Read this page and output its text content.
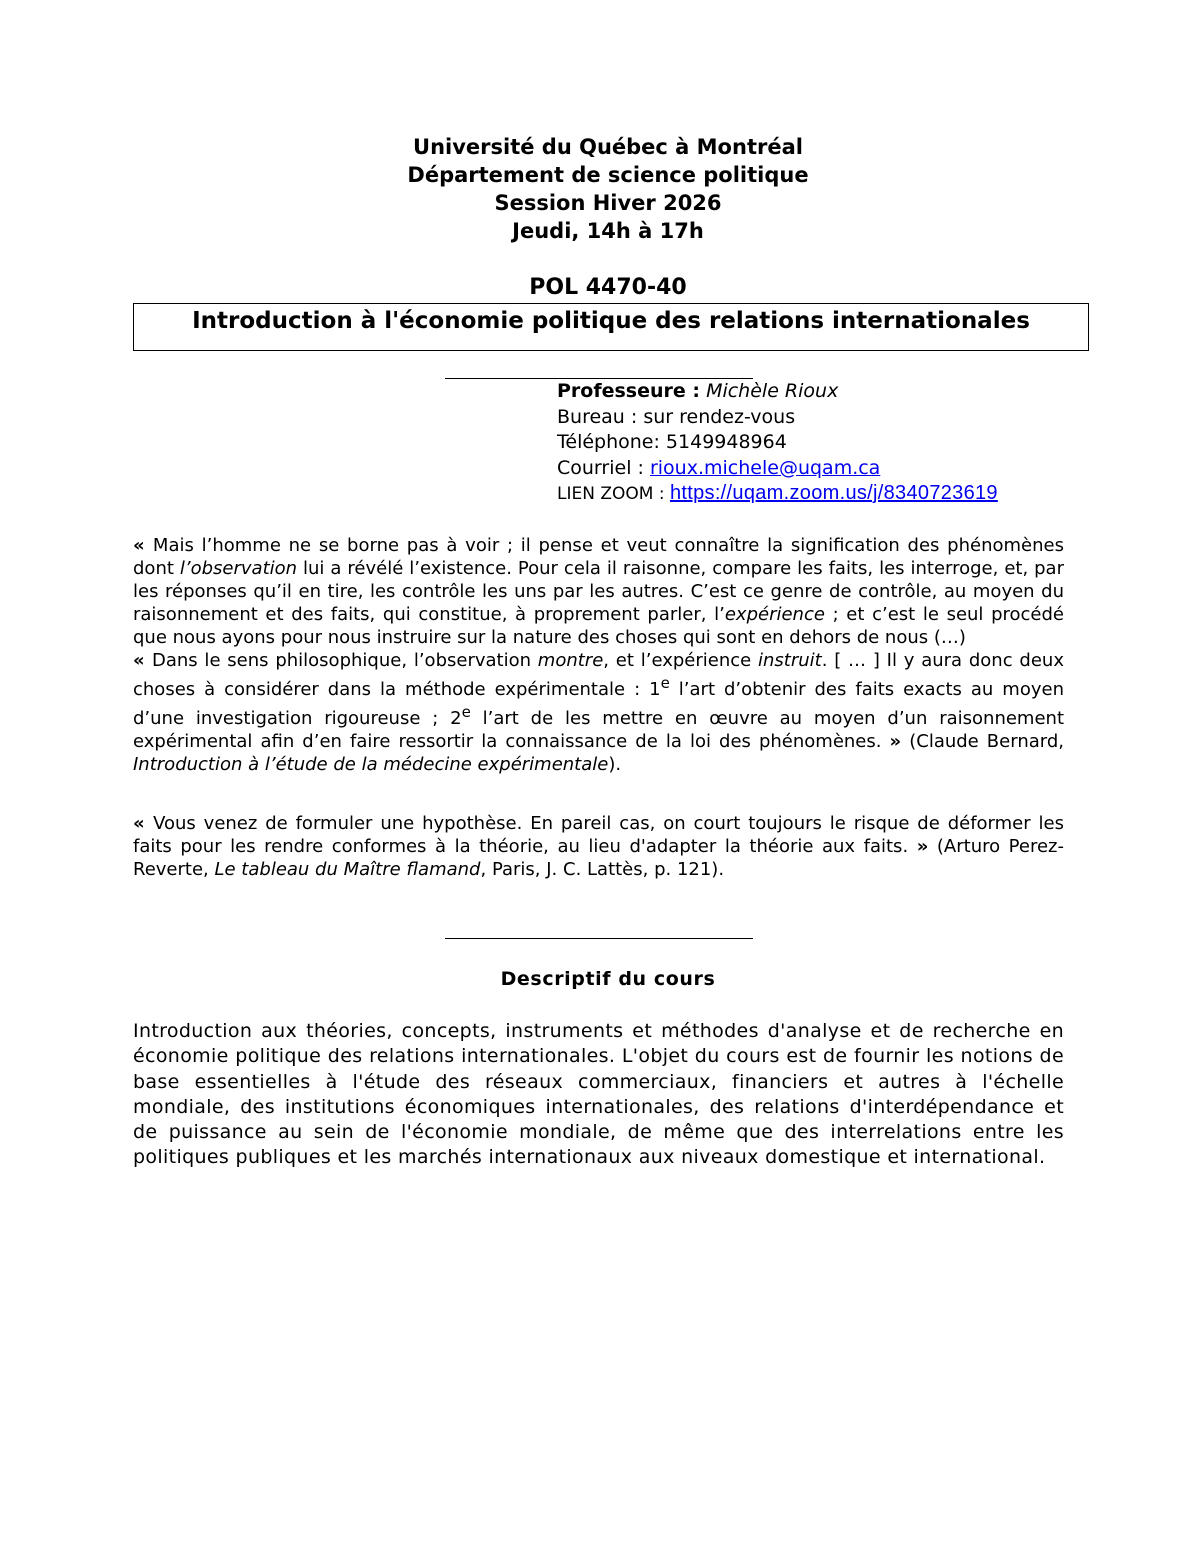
Université du Québec à Montréal
Département de science politique
Session Hiver 2026
Jeudi, 14h à 17h
POL 4470-40
Introduction à l'économie politique des relations internationales
Professeure : Michèle Rioux
Bureau : sur rendez-vous
Téléphone: 5149948964
Courriel : rioux.michele@uqam.ca
LIEN ZOOM : https://uqam.zoom.us/j/8340723619

« Mais l’homme ne se borne pas à voir ; il pense et veut connaître la signification des phénomènes dont l’observation lui a révélé l’existence. Pour cela il raisonne, compare les faits, les interroge, et, par les réponses qu’il en tire, les contrôle les uns par les autres. C’est ce genre de contrôle, au moyen du raisonnement et des faits, qui constitue, à proprement parler, l’expérience ; et c’est le seul procédé que nous ayons pour nous instruire sur la nature des choses qui sont en dehors de nous (…)

« Dans le sens philosophique, l’observation montre, et l’expérience instruit. [ … ] Il y aura donc deux choses à considérer dans la méthode expérimentale : 1e l’art d’obtenir des faits exacts au moyen d’une investigation rigoureuse ; 2e l’art de les mettre en œuvre au moyen d’un raisonnement expérimental afin d’en faire ressortir la connaissance de la loi des phénomènes. » (Claude Bernard, Introduction à l’étude de la médecine expérimentale).

« Vous venez de formuler une hypothèse. En pareil cas, on court toujours le risque de déformer les faits pour les rendre conformes à la théorie, au lieu d'adapter la théorie aux faits. » (Arturo Perez-Reverte, Le tableau du Maître flamand, Paris, J. C. Lattès, p. 121).

Descriptif du cours
Introduction aux théories, concepts, instruments et méthodes d'analyse et de recherche en économie politique des relations internationales. L'objet du cours est de fournir les notions de base essentielles à l'étude des réseaux commerciaux, financiers et autres à l'échelle mondiale, des institutions économiques internationales, des relations d'interdépendance et de puissance au sein de l'économie mondiale, de même que des interrelations entre les politiques publiques et les marchés internationaux aux niveaux domestique et international.
